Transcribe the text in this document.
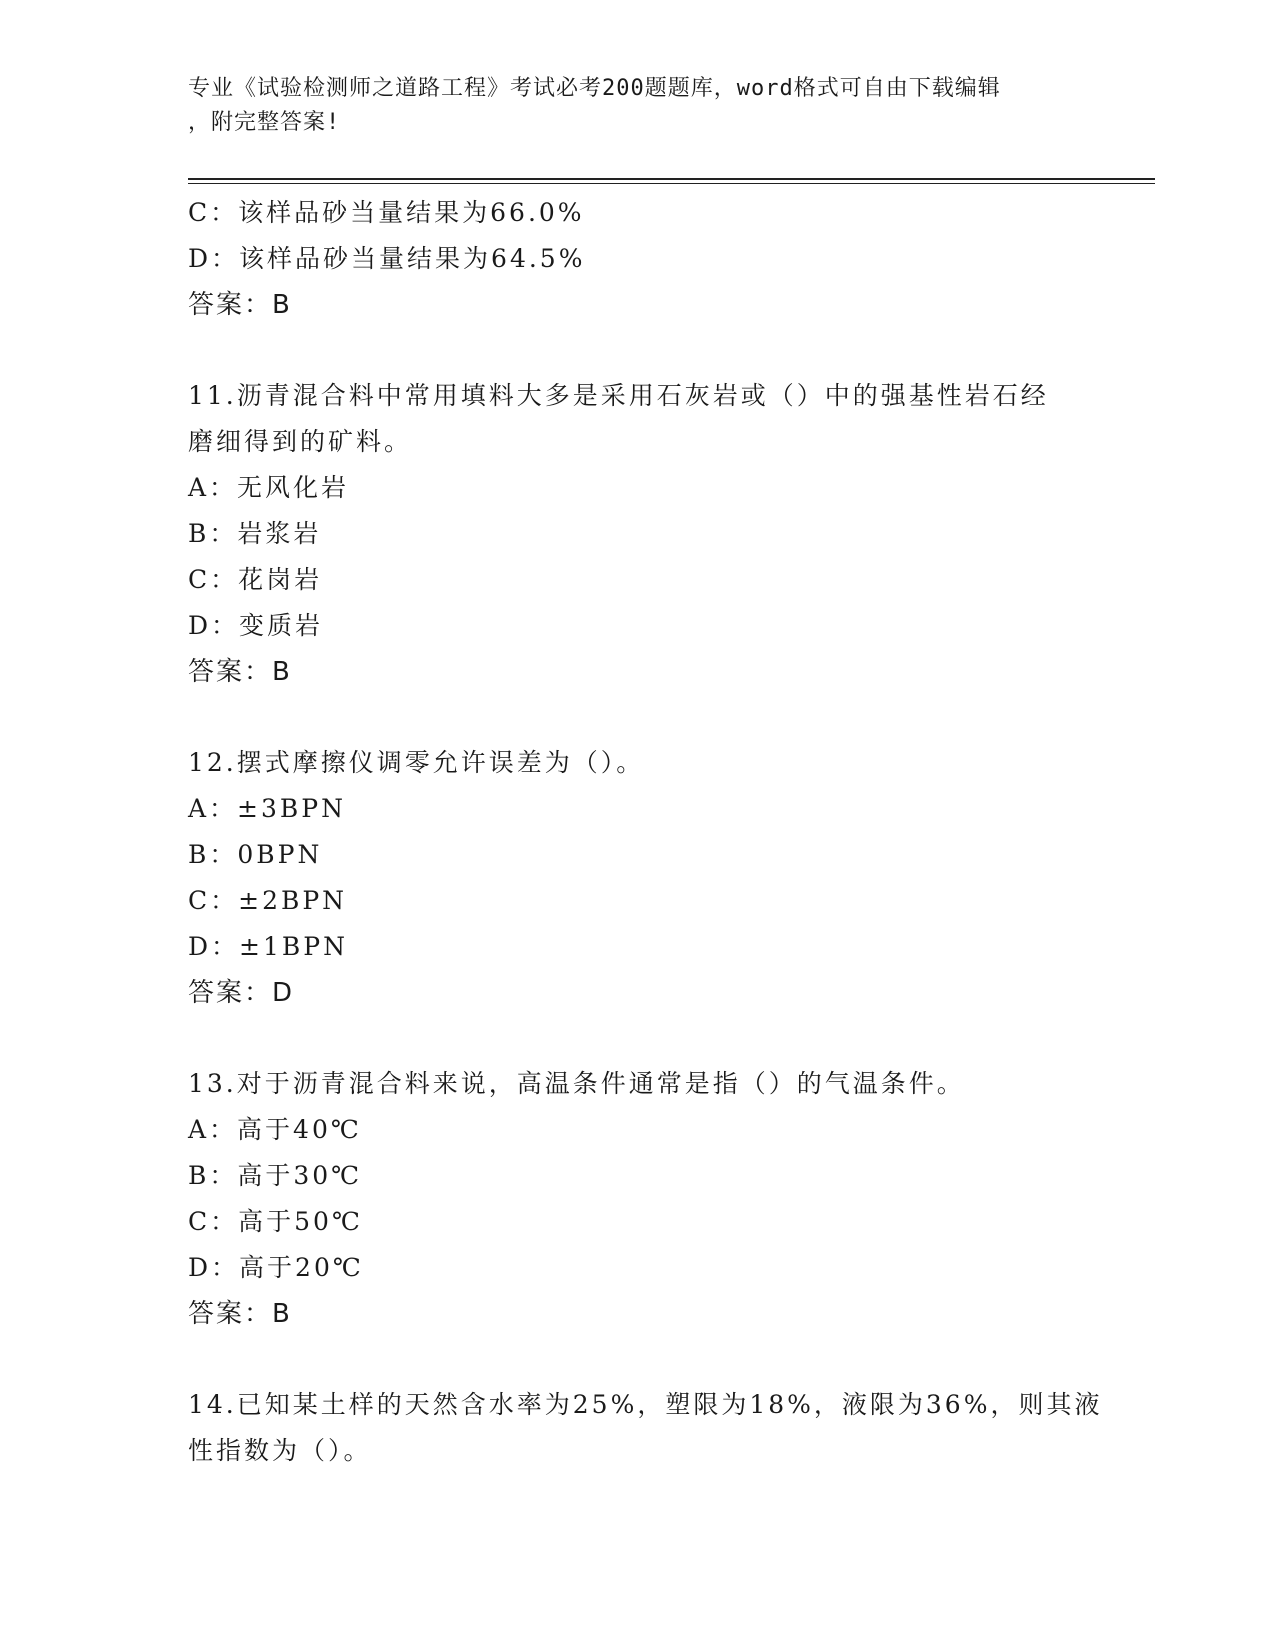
专业《试验检测师之道路工程》考试必考200题题库，word格式可自由下载编辑
，附完整答案!
C：该样品砂当量结果为66.0%
D：该样品砂当量结果为64.5%
答案：B
11.沥青混合料中常用填料大多是采用石灰岩或（）中的强基性岩石经
磨细得到的矿料。
A：无风化岩
B：岩浆岩
C：花岗岩
D：变质岩
答案：B
12.摆式摩擦仪调零允许误差为（）。
A：±3BPN
B：0BPN
C：±2BPN
D：±1BPN
答案：D
13.对于沥青混合料来说，高温条件通常是指（）的气温条件。
A：高于40℃
B：高于30℃
C：高于50℃
D：高于20℃
答案：B
14.已知某土样的天然含水率为25%，塑限为18%，液限为36%，则其液
性指数为（）。
